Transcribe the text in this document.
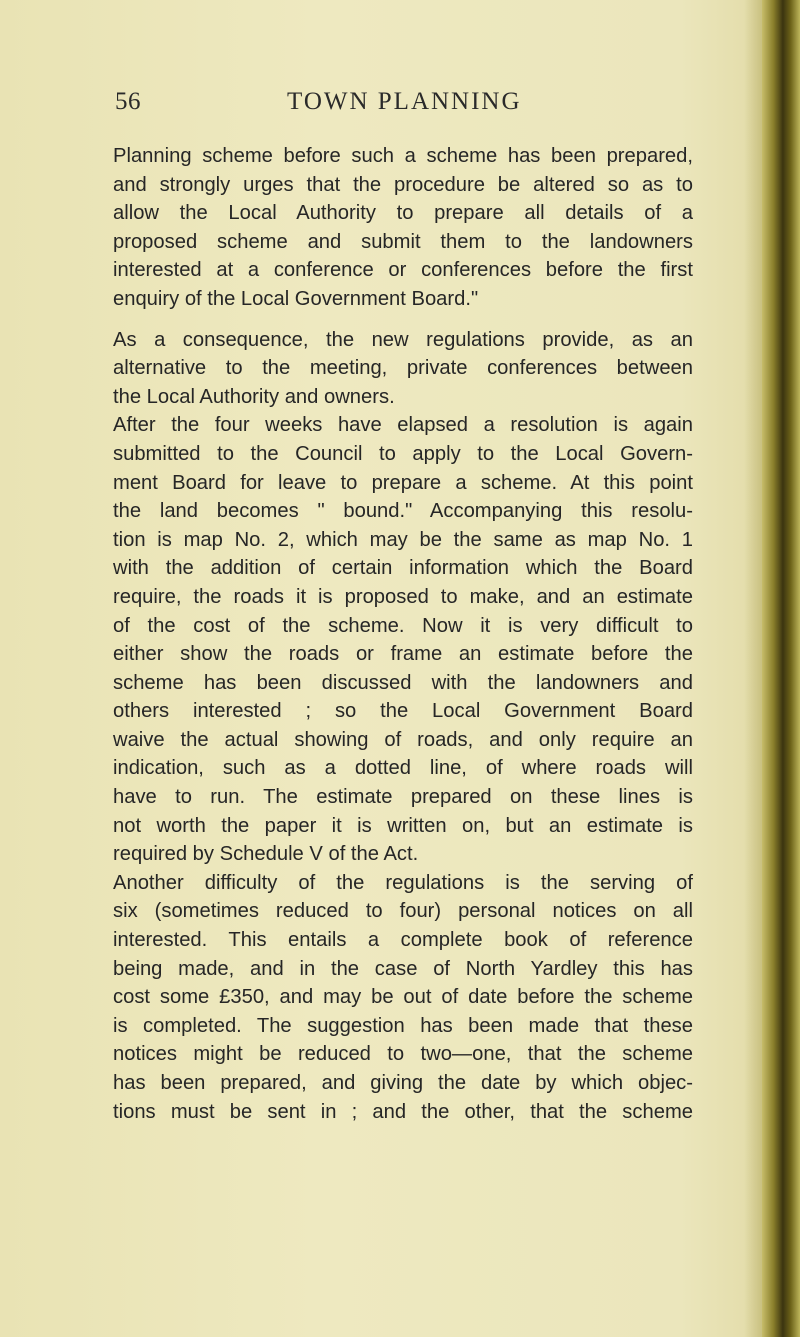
56	TOWN PLANNING
Planning scheme before such a scheme has been prepared,
and strongly urges that the procedure be altered so as to
allow the Local Authority to prepare all details of a
proposed scheme and submit them to the landowners
interested at a conference or conferences before the first
enquiry of the Local Government Board."
As a consequence, the new regulations provide, as an
alternative to the meeting, private conferences between
the Local Authority and owners.
After the four weeks have elapsed a resolution is again
submitted to the Council to apply to the Local Govern-
ment Board for leave to prepare a scheme. At this point
the land becomes " bound." Accompanying this resolu-
tion is map No. 2, which may be the same as map No. 1
with the addition of certain information which the Board
require, the roads it is proposed to make, and an estimate
of the cost of the scheme. Now it is very difficult to
either show the roads or frame an estimate before the
scheme has been discussed with the landowners and
others interested ; so the Local Government Board
waive the actual showing of roads, and only require an
indication, such as a dotted line, of where roads will
have to run. The estimate prepared on these lines is
not worth the paper it is written on, but an estimate is
required by Schedule V of the Act.
Another difficulty of the regulations is the serving of
six (sometimes reduced to four) personal notices on all
interested. This entails a complete book of reference
being made, and in the case of North Yardley this has
cost some £350, and may be out of date before the scheme
is completed. The suggestion has been made that these
notices might be reduced to two—one, that the scheme
has been prepared, and giving the date by which objec-
tions must be sent in ; and the other, that the scheme
